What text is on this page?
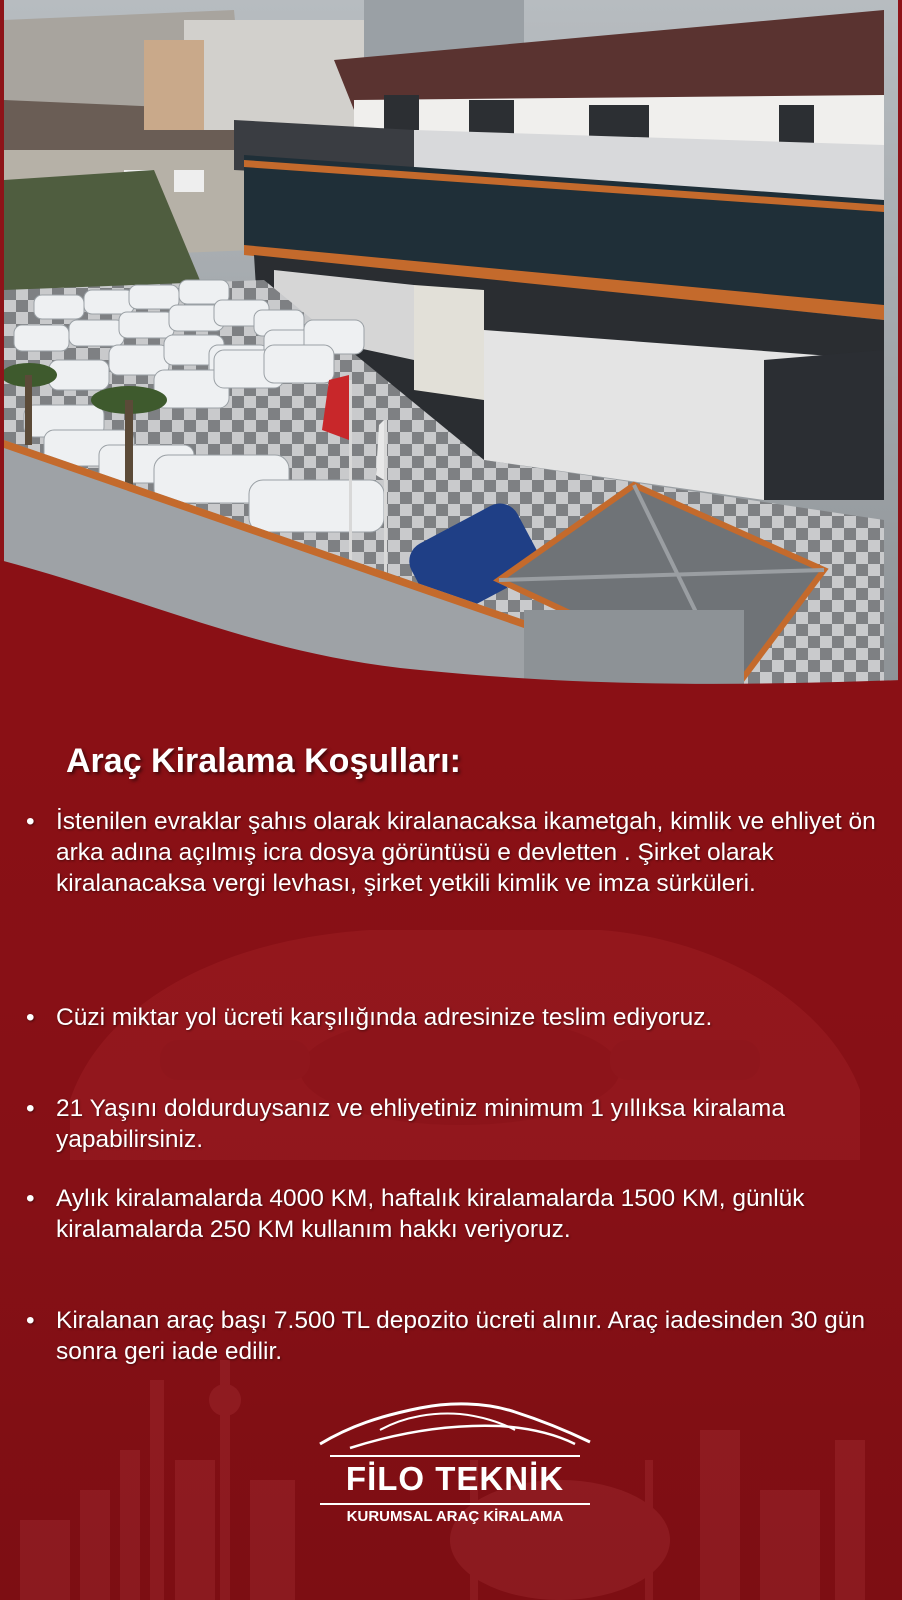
Araç Kiralama Koşulları:
• İstenilen evraklar şahıs olarak kiralanacaksa ikametgah, kimlik ve ehliyet ön arka adına açılmış icra dosya görüntüsü e devletten . Şirket olarak kiralanacaksa vergi levhası, şirket yetkili kimlik ve imza sürküleri.
• Cüzi miktar yol ücreti karşılığında adresinize teslim ediyoruz.
• 21 Yaşını doldurduysanız ve ehliyetiniz minimum 1 yıllıksa kiralama yapabilirsiniz.
• Aylık kiralamalarda 4000 KM, haftalık kiralamalarda 1500 KM, günlük kiralamalarda 250 KM kullanım hakkı veriyoruz.
• Kiralanan araç başı 7.500 TL depozito ücreti alınır. Araç iadesinden 30 gün sonra geri iade edilir.
FİLO TEKNİK
KURUMSAL ARAÇ KİRALAMA
